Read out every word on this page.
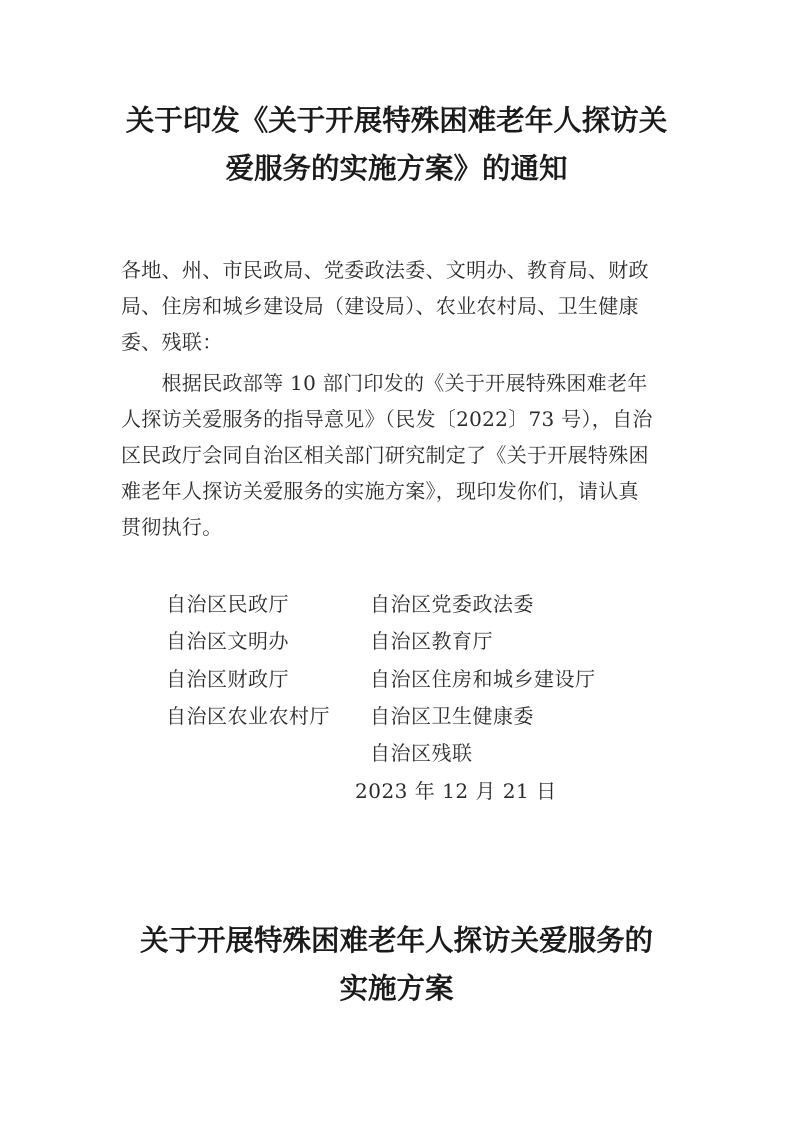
关于印发《关于开展特殊困难老年人探访关
爱服务的实施方案》的通知
各地、州、市民政局、党委政法委、文明办、教育局、财政
局、住房和城乡建设局（建设局）、农业农村局、卫生健康
委、残联：
　　根据民政部等 10 部门印发的《关于开展特殊困难老年
人探访关爱服务的指导意见》（民发〔2022〕73 号），自治
区民政厅会同自治区相关部门研究制定了《关于开展特殊困
难老年人探访关爱服务的实施方案》，现印发你们，请认真
贯彻执行。
自治区民政厅
自治区文明办
自治区财政厅
自治区农业农村厅
自治区党委政法委
自治区教育厅
自治区住房和城乡建设厅
自治区卫生健康委
自治区残联
2023 年 12 月 21 日
关于开展特殊困难老年人探访关爱服务的
实施方案
